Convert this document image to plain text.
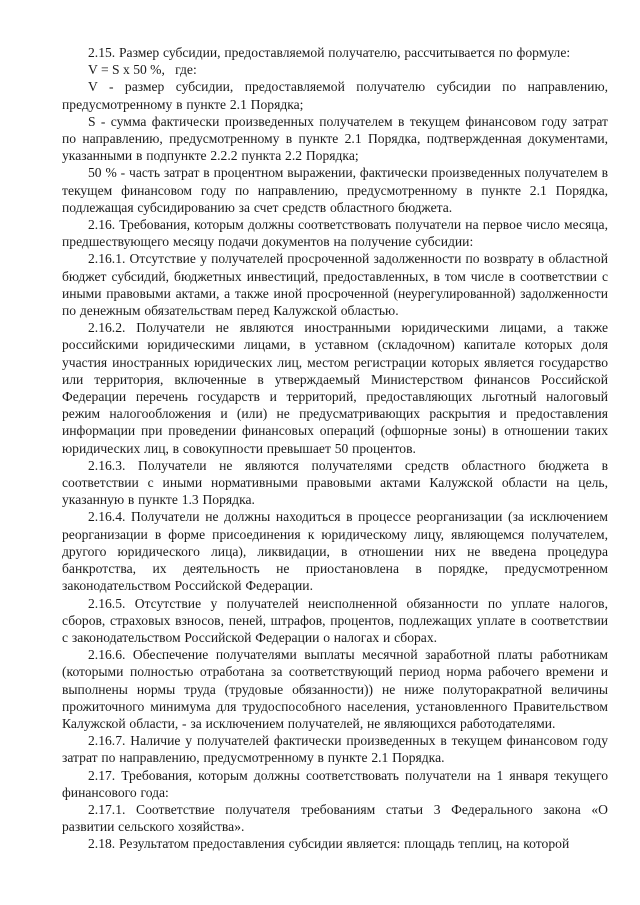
2.15. Размер субсидии, предоставляемой получателю, рассчитывается по формуле:

V = S x 50 %,   где:

V - размер субсидии, предоставляемой получателю субсидии по направлению, предусмотренному в пункте 2.1 Порядка;

S - сумма фактически произведенных получателем в текущем финансовом году затрат по направлению, предусмотренному в пункте 2.1 Порядка, подтвержденная документами, указанными в подпункте 2.2.2 пункта 2.2 Порядка;

50 % - часть затрат в процентном выражении, фактически произведенных получателем в текущем финансовом году по направлению, предусмотренному в пункте 2.1 Порядка, подлежащая субсидированию за счет средств областного бюджета.

2.16. Требования, которым должны соответствовать получатели на первое число месяца, предшествующего месяцу подачи документов на получение субсидии:

2.16.1. Отсутствие у получателей просроченной задолженности по возврату в областной бюджет субсидий, бюджетных инвестиций, предоставленных, в том числе в соответствии с иными правовыми актами, а также иной просроченной (неурегулированной) задолженности по денежным обязательствам перед Калужской областью.

2.16.2. Получатели не являются иностранными юридическими лицами, а также российскими юридическими лицами, в уставном (складочном) капитале которых доля участия иностранных юридических лиц, местом регистрации которых является государство или территория, включенные в утверждаемый Министерством финансов Российской Федерации перечень государств и территорий, предоставляющих льготный налоговый режим налогообложения и (или) не предусматривающих раскрытия и предоставления информации при проведении финансовых операций (офшорные зоны) в отношении таких юридических лиц, в совокупности превышает 50 процентов.

2.16.3. Получатели не являются получателями средств областного бюджета в соответствии с иными нормативными правовыми актами Калужской области на цель, указанную в пункте 1.3 Порядка.

2.16.4. Получатели не должны находиться в процессе реорганизации (за исключением реорганизации в форме присоединения к юридическому лицу, являющемся получателем, другого юридического лица), ликвидации, в отношении них не введена процедура банкротства, их деятельность не приостановлена в порядке, предусмотренном законодательством Российской Федерации.

2.16.5. Отсутствие у получателей неисполненной обязанности по уплате налогов, сборов, страховых взносов, пеней, штрафов, процентов, подлежащих уплате в соответствии с законодательством Российской Федерации о налогах и сборах.

2.16.6. Обеспечение получателями выплаты месячной заработной платы работникам (которыми полностью отработана за соответствующий период норма рабочего времени и выполнены нормы труда (трудовые обязанности)) не ниже полуторакратной величины прожиточного минимума для трудоспособного населения, установленного Правительством Калужской области, - за исключением получателей, не являющихся работодателями.

2.16.7. Наличие у получателей фактически произведенных в текущем финансовом году затрат по направлению, предусмотренному в пункте 2.1 Порядка.

2.17. Требования, которым должны соответствовать получатели на 1 января текущего финансового года:

2.17.1. Соответствие получателя требованиям статьи 3 Федерального закона «О развитии сельского хозяйства».

2.18. Результатом предоставления субсидии является: площадь теплиц, на которой
